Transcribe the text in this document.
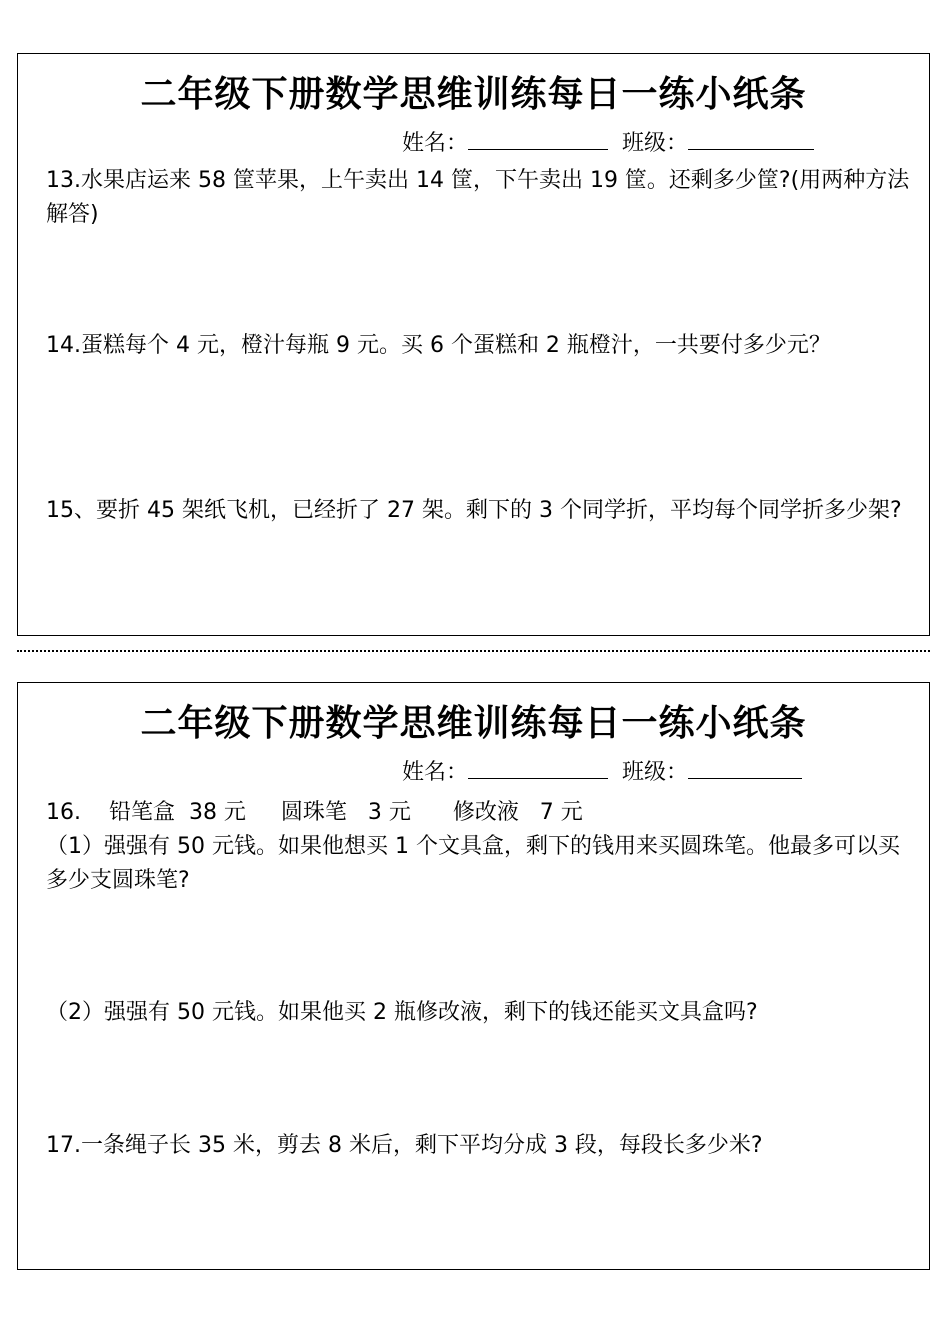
二年级下册数学思维训练每日一练小纸条
姓名：	班级：
13.水果店运来 58 筐苹果，上午卖出 14 筐，下午卖出 19 筐。还剩多少筐?(用两种方法解答)
14.蛋糕每个 4 元，橙汁每瓶 9 元。买 6 个蛋糕和 2 瓶橙汁，一共要付多少元？
15、要折 45 架纸飞机，已经折了 27 架。剩下的 3 个同学折，平均每个同学折多少架?
二年级下册数学思维训练每日一练小纸条
姓名：	班级：
16.    铅笔盒  38 元     圆珠笔   3 元      修改液   7 元
（1）强强有 50 元钱。如果他想买 1 个文具盒，剩下的钱用来买圆珠笔。他最多可以买多少支圆珠笔?
（2）强强有 50 元钱。如果他买 2 瓶修改液，剩下的钱还能买文具盒吗?
17.一条绳子长 35 米，剪去 8 米后，剩下平均分成 3 段，每段长多少米?
